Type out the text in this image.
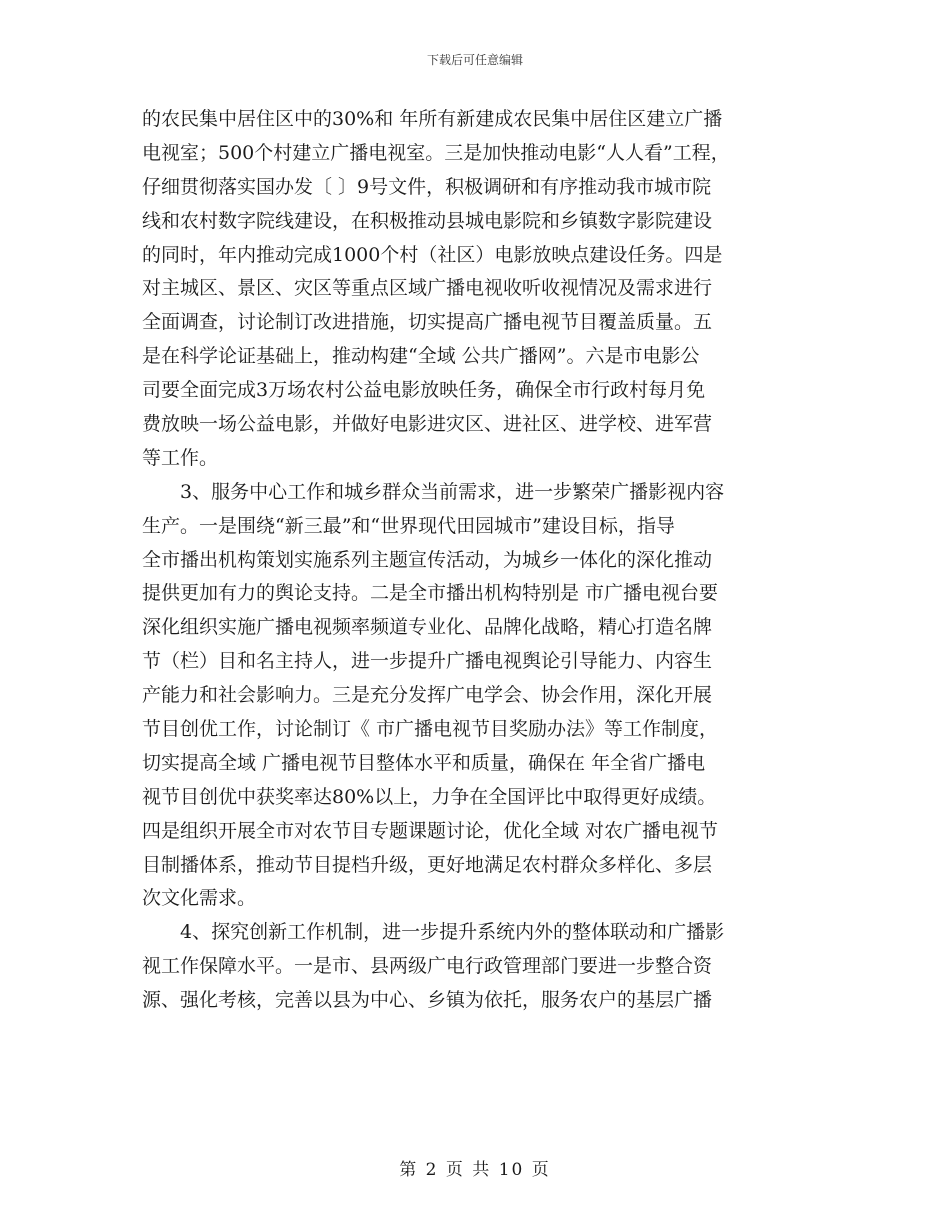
下载后可任意编辑
的农民集中居住区中的30%和 年所有新建成农民集中居住区建立广播
电视室；500个村建立广播电视室。三是加快推动电影“人人看”工程，
仔细贯彻落实国办发〔 〕9号文件，积极调研和有序推动我市城市院
线和农村数字院线建设，在积极推动县城电影院和乡镇数字影院建设
的同时，年内推动完成1000个村（社区）电影放映点建设任务。四是
对主城区、景区、灾区等重点区域广播电视收听收视情况及需求进行
全面调查，讨论制订改进措施，切实提高广播电视节目覆盖质量。五
是在科学论证基础上，推动构建“全域 公共广播网”。六是市电影公
司要全面完成3万场农村公益电影放映任务，确保全市行政村每月免
费放映一场公益电影，并做好电影进灾区、进社区、进学校、进军营
等工作。
　　3、服务中心工作和城乡群众当前需求，进一步繁荣广播影视内容
生产。一是围绕“新三最”和“世界现代田园城市”建设目标，指导
全市播出机构策划实施系列主题宣传活动，为城乡一体化的深化推动
提供更加有力的舆论支持。二是全市播出机构特别是 市广播电视台要
深化组织实施广播电视频率频道专业化、品牌化战略，精心打造名牌
节（栏）目和名主持人，进一步提升广播电视舆论引导能力、内容生
产能力和社会影响力。三是充分发挥广电学会、协会作用，深化开展
节目创优工作，讨论制订《 市广播电视节目奖励办法》等工作制度，
切实提高全域 广播电视节目整体水平和质量，确保在 年全省广播电
视节目创优中获奖率达80%以上，力争在全国评比中取得更好成绩。
四是组织开展全市对农节目专题课题讨论，优化全域 对农广播电视节
目制播体系，推动节目提档升级，更好地满足农村群众多样化、多层
次文化需求。
　　4、探究创新工作机制，进一步提升系统内外的整体联动和广播影
视工作保障水平。一是市、县两级广电行政管理部门要进一步整合资
源、强化考核，完善以县为中心、乡镇为依托，服务农户的基层广播
第 2 页 共 10 页
